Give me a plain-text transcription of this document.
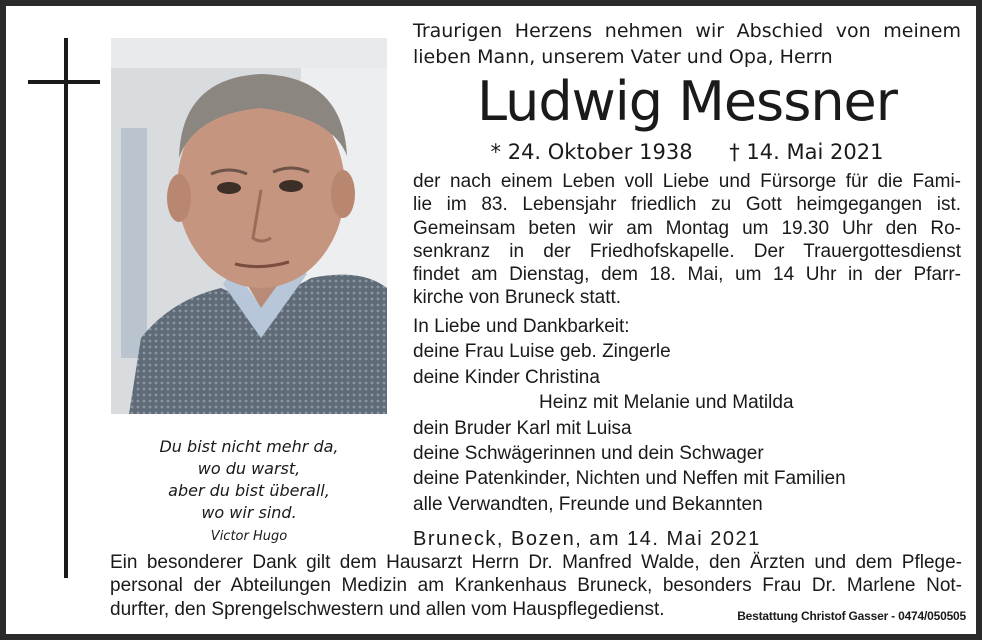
Du bist nicht mehr da,
wo du warst,
aber du bist überall,
wo wir sind.
Victor Hugo
Traurigen Herzens nehmen wir Abschied von meinem
lieben Mann, unserem Vater und Opa, Herrn
Ludwig Messner
* 24. Oktober 1938 † 14. Mai 2021
der nach einem Leben voll Liebe und Fürsorge für die Fami-
lie im 83. Lebensjahr friedlich zu Gott heimgegangen ist.
Gemeinsam beten wir am Montag um 19.30 Uhr den Ro-
senkranz in der Friedhofskapelle. Der Trauergottesdienst
findet am Dienstag, dem 18. Mai, um 14 Uhr in der Pfarr-
kirche von Bruneck statt.
In Liebe und Dankbarkeit:
deine Frau Luise geb. Zingerle
deine Kinder Christina
Heinz mit Melanie und Matilda
dein Bruder Karl mit Luisa
deine Schwägerinnen und dein Schwager
deine Patenkinder, Nichten und Neffen mit Familien
alle Verwandten, Freunde und Bekannten
Bruneck, Bozen, am 14. Mai 2021
Ein besonderer Dank gilt dem Hausarzt Herrn Dr. Manfred Walde, den Ärzten und dem Pflege-
personal der Abteilungen Medizin am Krankenhaus Bruneck, besonders Frau Dr. Marlene Not-
durfter, den Sprengelschwestern und allen vom Hauspflegedienst.	Bestattung Christof Gasser - 0474/050505
